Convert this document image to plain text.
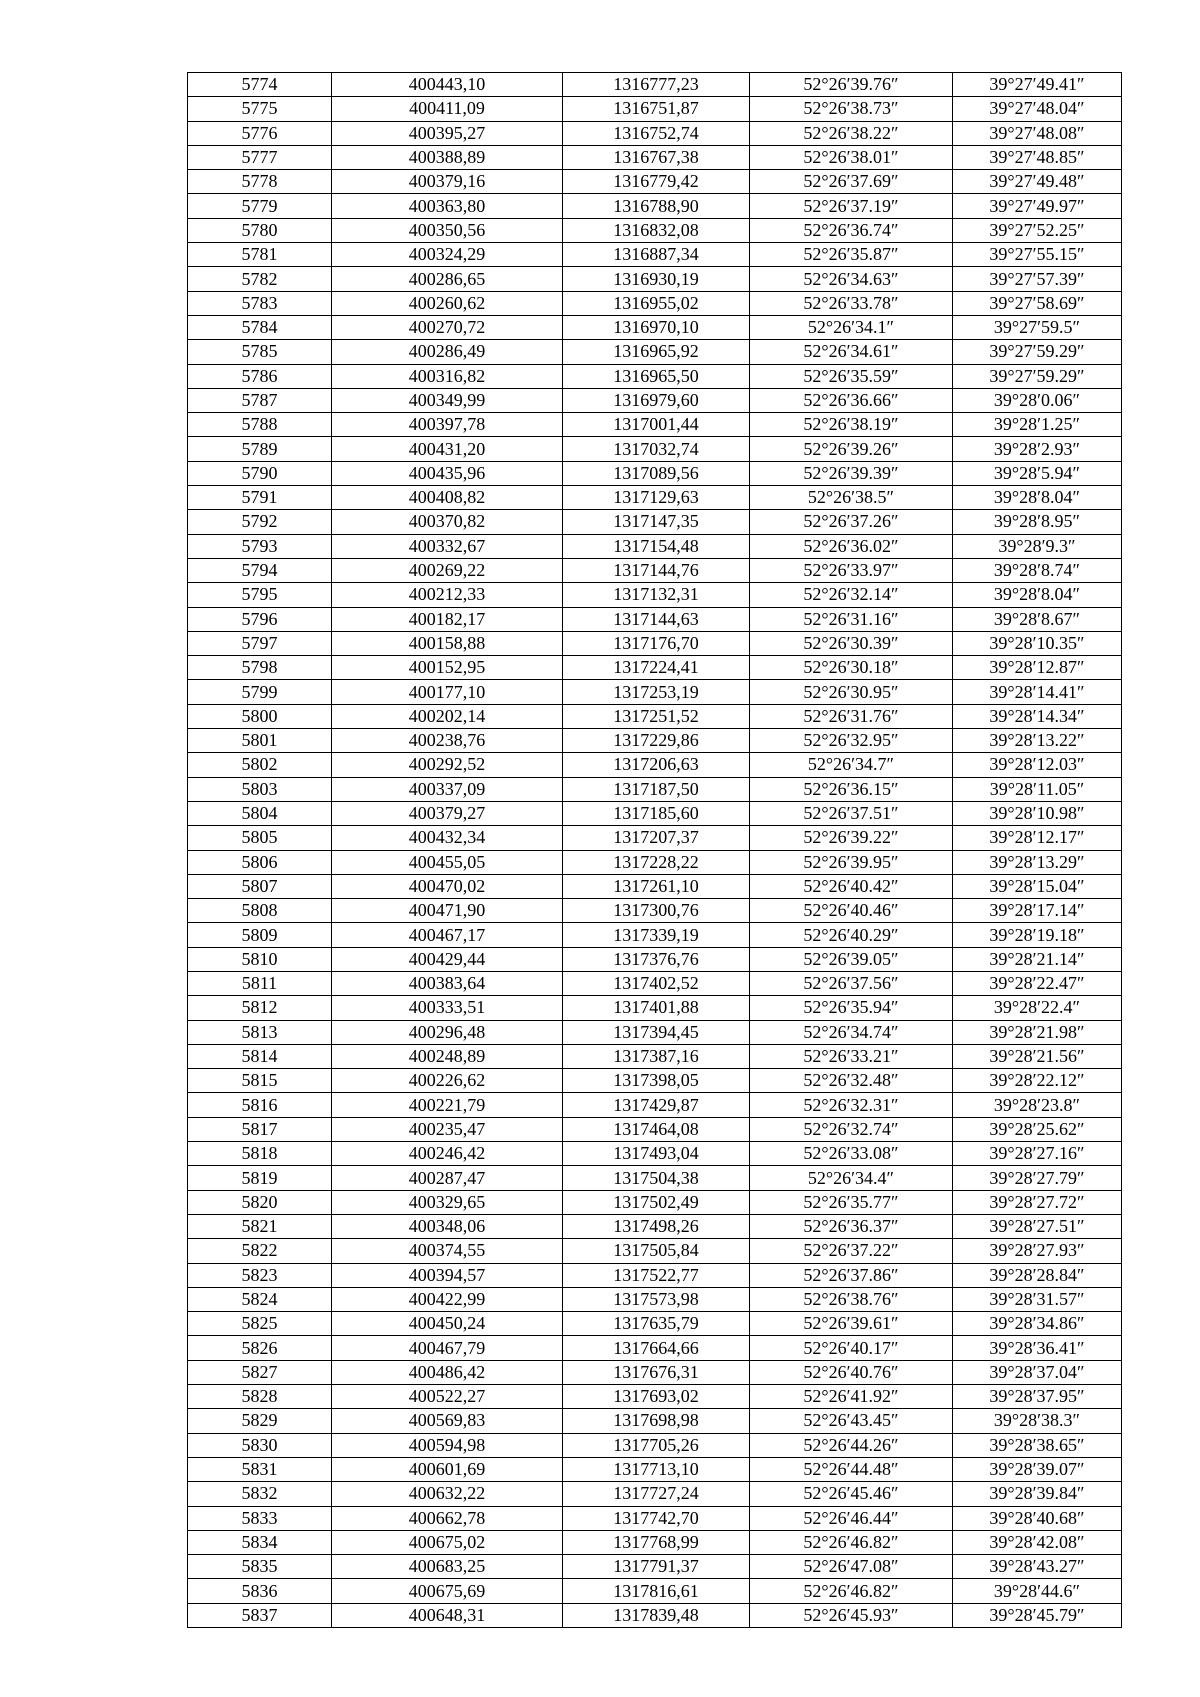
5774	400443,10	1316777,23	52°26′39.76″	39°27′49.41″
5775	400411,09	1316751,87	52°26′38.73″	39°27′48.04″
5776	400395,27	1316752,74	52°26′38.22″	39°27′48.08″
5777	400388,89	1316767,38	52°26′38.01″	39°27′48.85″
5778	400379,16	1316779,42	52°26′37.69″	39°27′49.48″
5779	400363,80	1316788,90	52°26′37.19″	39°27′49.97″
5780	400350,56	1316832,08	52°26′36.74″	39°27′52.25″
5781	400324,29	1316887,34	52°26′35.87″	39°27′55.15″
5782	400286,65	1316930,19	52°26′34.63″	39°27′57.39″
5783	400260,62	1316955,02	52°26′33.78″	39°27′58.69″
5784	400270,72	1316970,10	52°26′34.1″	39°27′59.5″
5785	400286,49	1316965,92	52°26′34.61″	39°27′59.29″
5786	400316,82	1316965,50	52°26′35.59″	39°27′59.29″
5787	400349,99	1316979,60	52°26′36.66″	39°28′0.06″
5788	400397,78	1317001,44	52°26′38.19″	39°28′1.25″
5789	400431,20	1317032,74	52°26′39.26″	39°28′2.93″
5790	400435,96	1317089,56	52°26′39.39″	39°28′5.94″
5791	400408,82	1317129,63	52°26′38.5″	39°28′8.04″
5792	400370,82	1317147,35	52°26′37.26″	39°28′8.95″
5793	400332,67	1317154,48	52°26′36.02″	39°28′9.3″
5794	400269,22	1317144,76	52°26′33.97″	39°28′8.74″
5795	400212,33	1317132,31	52°26′32.14″	39°28′8.04″
5796	400182,17	1317144,63	52°26′31.16″	39°28′8.67″
5797	400158,88	1317176,70	52°26′30.39″	39°28′10.35″
5798	400152,95	1317224,41	52°26′30.18″	39°28′12.87″
5799	400177,10	1317253,19	52°26′30.95″	39°28′14.41″
5800	400202,14	1317251,52	52°26′31.76″	39°28′14.34″
5801	400238,76	1317229,86	52°26′32.95″	39°28′13.22″
5802	400292,52	1317206,63	52°26′34.7″	39°28′12.03″
5803	400337,09	1317187,50	52°26′36.15″	39°28′11.05″
5804	400379,27	1317185,60	52°26′37.51″	39°28′10.98″
5805	400432,34	1317207,37	52°26′39.22″	39°28′12.17″
5806	400455,05	1317228,22	52°26′39.95″	39°28′13.29″
5807	400470,02	1317261,10	52°26′40.42″	39°28′15.04″
5808	400471,90	1317300,76	52°26′40.46″	39°28′17.14″
5809	400467,17	1317339,19	52°26′40.29″	39°28′19.18″
5810	400429,44	1317376,76	52°26′39.05″	39°28′21.14″
5811	400383,64	1317402,52	52°26′37.56″	39°28′22.47″
5812	400333,51	1317401,88	52°26′35.94″	39°28′22.4″
5813	400296,48	1317394,45	52°26′34.74″	39°28′21.98″
5814	400248,89	1317387,16	52°26′33.21″	39°28′21.56″
5815	400226,62	1317398,05	52°26′32.48″	39°28′22.12″
5816	400221,79	1317429,87	52°26′32.31″	39°28′23.8″
5817	400235,47	1317464,08	52°26′32.74″	39°28′25.62″
5818	400246,42	1317493,04	52°26′33.08″	39°28′27.16″
5819	400287,47	1317504,38	52°26′34.4″	39°28′27.79″
5820	400329,65	1317502,49	52°26′35.77″	39°28′27.72″
5821	400348,06	1317498,26	52°26′36.37″	39°28′27.51″
5822	400374,55	1317505,84	52°26′37.22″	39°28′27.93″
5823	400394,57	1317522,77	52°26′37.86″	39°28′28.84″
5824	400422,99	1317573,98	52°26′38.76″	39°28′31.57″
5825	400450,24	1317635,79	52°26′39.61″	39°28′34.86″
5826	400467,79	1317664,66	52°26′40.17″	39°28′36.41″
5827	400486,42	1317676,31	52°26′40.76″	39°28′37.04″
5828	400522,27	1317693,02	52°26′41.92″	39°28′37.95″
5829	400569,83	1317698,98	52°26′43.45″	39°28′38.3″
5830	400594,98	1317705,26	52°26′44.26″	39°28′38.65″
5831	400601,69	1317713,10	52°26′44.48″	39°28′39.07″
5832	400632,22	1317727,24	52°26′45.46″	39°28′39.84″
5833	400662,78	1317742,70	52°26′46.44″	39°28′40.68″
5834	400675,02	1317768,99	52°26′46.82″	39°28′42.08″
5835	400683,25	1317791,37	52°26′47.08″	39°28′43.27″
5836	400675,69	1317816,61	52°26′46.82″	39°28′44.6″
5837	400648,31	1317839,48	52°26′45.93″	39°28′45.79″
